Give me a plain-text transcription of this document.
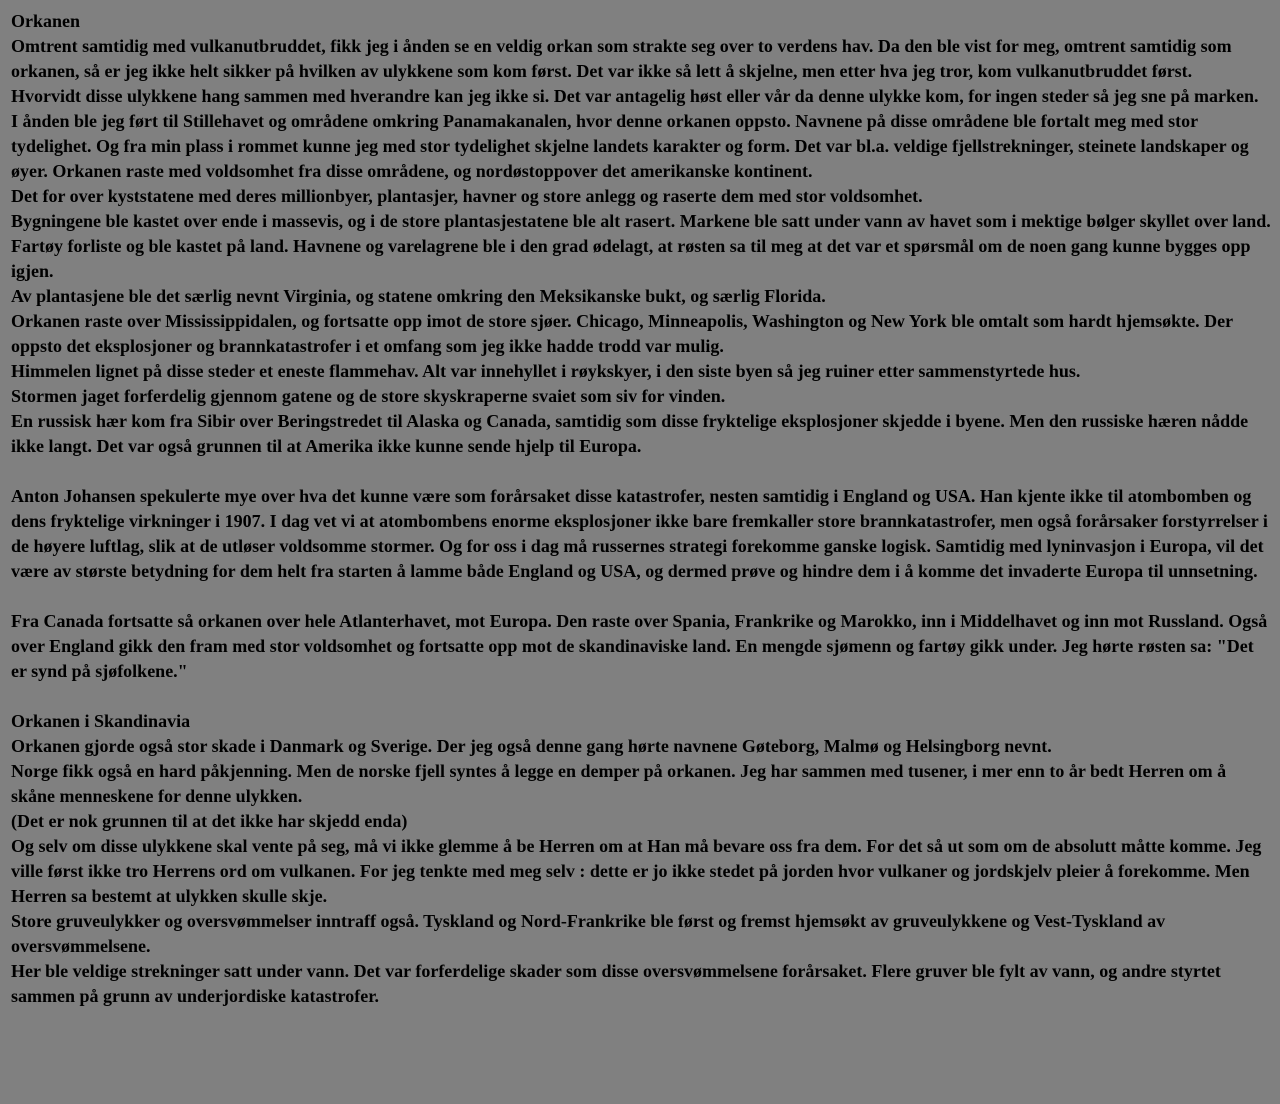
Orkanen
Omtrent samtidig med vulkanutbruddet, fikk jeg i ånden se en veldig orkan som strakte seg over to verdens hav. Da den ble vist for meg, omtrent samtidig som orkanen, så er jeg ikke helt sikker på hvilken av ulykkene som kom først. Det var ikke så lett å skjelne, men etter hva jeg tror, kom vulkanutbruddet først.
Hvorvidt disse ulykkene hang sammen med hverandre kan jeg ikke si. Det var antagelig høst eller vår da denne ulykke kom, for ingen steder så jeg sne på marken.
I ånden ble jeg ført til Stillehavet og områdene omkring Panamakanalen, hvor denne orkanen oppsto. Navnene på disse områdene ble fortalt meg med stor tydelighet. Og fra min plass i rommet kunne jeg med stor tydelighet skjelne landets karakter og form. Det var bl.a. veldige fjellstrekninger, steinete landskaper og øyer. Orkanen raste med voldsomhet fra disse områdene, og nordøstoppover det amerikanske kontinent.
Det for over kyststatene med deres millionbyer, plantasjer, havner og store anlegg og raserte dem med stor voldsomhet.
Bygningene ble kastet over ende i massevis, og i de store plantasjestatene ble alt rasert. Markene ble satt under vann av havet som i mektige bølger skyllet over land.
Fartøy forliste og ble kastet på land. Havnene og varelagrene ble i den grad ødelagt, at røsten sa til meg at det var et spørsmål om de noen gang kunne bygges opp igjen.
Av plantasjene ble det særlig nevnt Virginia, og statene omkring den Meksikanske bukt, og særlig Florida.
Orkanen raste over Mississippidalen, og fortsatte opp imot de store sjøer. Chicago, Minneapolis, Washington og New York ble omtalt som hardt hjemsøkte. Der oppsto det eksplosjoner og brannkatastrofer i et omfang som jeg ikke hadde trodd var mulig.
Himmelen lignet på disse steder et eneste flammehav. Alt var innehyllet i røykskyer, i den siste byen så jeg ruiner etter sammenstyrtede hus.
Stormen jaget forferdelig gjennom gatene og de store skyskraperne svaiet som siv for vinden.
En russisk hær kom fra Sibir over Beringstredet til Alaska og Canada, samtidig som disse fryktelige eksplosjoner skjedde i byene. Men den russiske hæren nådde ikke langt. Det var også grunnen til at Amerika ikke kunne sende hjelp til Europa.
Anton Johansen spekulerte mye over hva det kunne være som forårsaket disse katastrofer, nesten samtidig i England og USA. Han kjente ikke til atombomben og dens fryktelige virkninger i 1907. I dag vet vi at atombombens enorme eksplosjoner ikke bare fremkaller store brannkatastrofer, men også forårsaker forstyrrelser i de høyere luftlag, slik at de utløser voldsomme stormer. Og for oss i dag må russernes strategi forekomme ganske logisk. Samtidig med lyninvasjon i Europa, vil det være av største betydning for dem helt fra starten å lamme både England og USA, og dermed prøve og hindre dem i å komme det invaderte Europa til unnsetning.
Fra Canada fortsatte så orkanen over hele Atlanterhavet, mot Europa. Den raste over Spania, Frankrike og Marokko, inn i Middelhavet og inn mot Russland. Også over England gikk den fram med stor voldsomhet og fortsatte opp mot de skandinaviske land. En mengde sjømenn og fartøy gikk under. Jeg hørte røsten sa: "Det er synd på sjøfolkene."
Orkanen i Skandinavia
Orkanen gjorde også stor skade i Danmark og Sverige. Der jeg også denne gang hørte navnene Gøteborg, Malmø og Helsingborg nevnt.
Norge fikk også en hard påkjenning. Men de norske fjell syntes å legge en demper på orkanen. Jeg har sammen med tusener, i mer enn to år bedt Herren om å skåne menneskene for denne ulykken.
(Det er nok grunnen til at det ikke har skjedd enda)
Og selv om disse ulykkene skal vente på seg, må vi ikke glemme å be Herren om at Han må bevare oss fra dem. For det så ut som om de absolutt måtte komme. Jeg ville først ikke tro Herrens ord om vulkanen. For jeg tenkte med meg selv : dette er jo ikke stedet på jorden hvor vulkaner og jordskjelv pleier å forekomme. Men Herren sa bestemt at ulykken skulle skje.
Store gruveulykker og oversvømmelser inntraff også. Tyskland og Nord-Frankrike ble først og fremst hjemsøkt av gruveulykkene og Vest-Tyskland av oversvømmelsene.
Her ble veldige strekninger satt under vann. Det var forferdelige skader som disse oversvømmelsene forårsaket. Flere gruver ble fylt av vann, og andre styrtet sammen på grunn av underjordiske katastrofer.
